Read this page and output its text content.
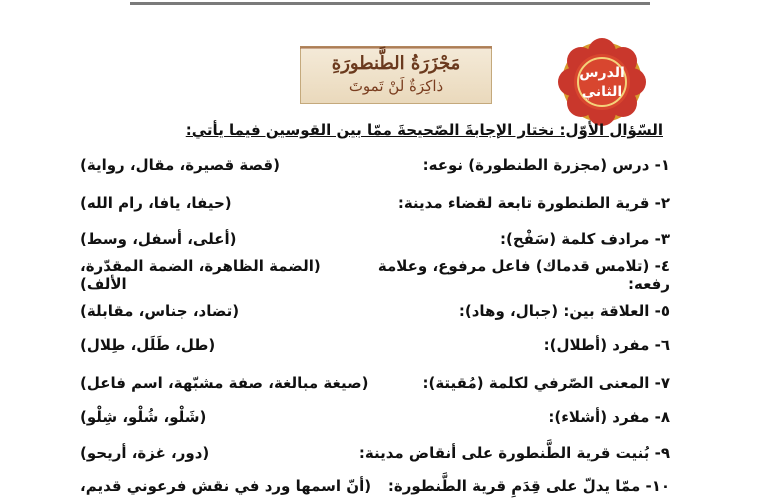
مَجْزَرَةُ الطَّنطورَةِ
ذاكِرَةٌ لَنْ تَموتَ
الدرس
الثاني
السّؤال الأوّل: نختار الإجابةَ الصّحيحةَ ممّا بين القوسين فيما يأتي:
١- درس (مجزرة الطنطورة) نوعه:
(قصة قصيرة، مقال، رواية)
٢- قرية الطنطورة تابعة لقضاء مدينة:
(حيفا، يافا، رام الله)
٣- مرادف كلمة (سَفْح):
(أعلى، أسفل، وسط)
٤- (تلامس قدماك) فاعل مرفوع، وعلامة رفعه:
(الضمة الظاهرة، الضمة المقدّرة، الألف)
٥- العلاقة بين: (جبال، وهاد):
(تضاد، جناس، مقابلة)
٦- مفرد (أطلال):
(طل، طَلَل، طِلال)
٧- المعنى الصّرفي لكلمة (مُقيتة):
(صيغة مبالغة، صفة مشبّهة، اسم فاعل)
٨- مفرد (أشلاء):
(شَلْو، شُلْو، شِلْو)
٩- بُنيت قرية الطَّنطورة على أنقاض مدينة:
(دور، غزة، أريحو)
١٠- ممّا يدلّ على قِدَمِ قرية الطَّنطورة:
(أنّ اسمها ورد في نقش فرعوني قديم،
